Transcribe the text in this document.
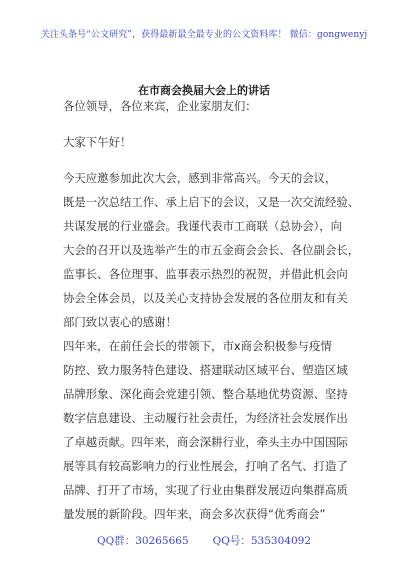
关注头条号“公文研究”，获得最新最全最专业的公文资料库！ 微信：gongwenyj
在市商会换届大会上的讲话

各位领导，各位来宾，企业家朋友们：

大家下午好！

今天应邀参加此次大会，感到非常高兴。今天的会议，
既是一次总结工作、承上启下的会议，又是一次交流经验、
共谋发展的行业盛会。我谨代表市工商联（总协会），向
大会的召开以及选举产生的市五金商会会长、各位副会长，
监事长、各位理事、监事表示热烈的祝贺，并借此机会向
协会全体会员，以及关心支持协会发展的各位朋友和有关
部门致以衷心的感谢！

四年来，在前任会长的带领下，市x商会积极参与疫情
防控、致力服务特色建设、搭建联动区域平台、塑造区域
品牌形象、深化商会党建引领、整合基地优势资源、坚持
数字信息建设、主动履行社会责任，为经济社会发展作出
了卓越贡献。四年来，商会深耕行业，牵头主办中国国际
展等具有较高影响力的行业性展会，打响了名气、打造了
品牌、打开了市场，实现了行业由集群发展迈向集群高质
量发展的新阶段。四年来，商会多次获得“优秀商会”

QQ群：30265665 QQ号：535304092
